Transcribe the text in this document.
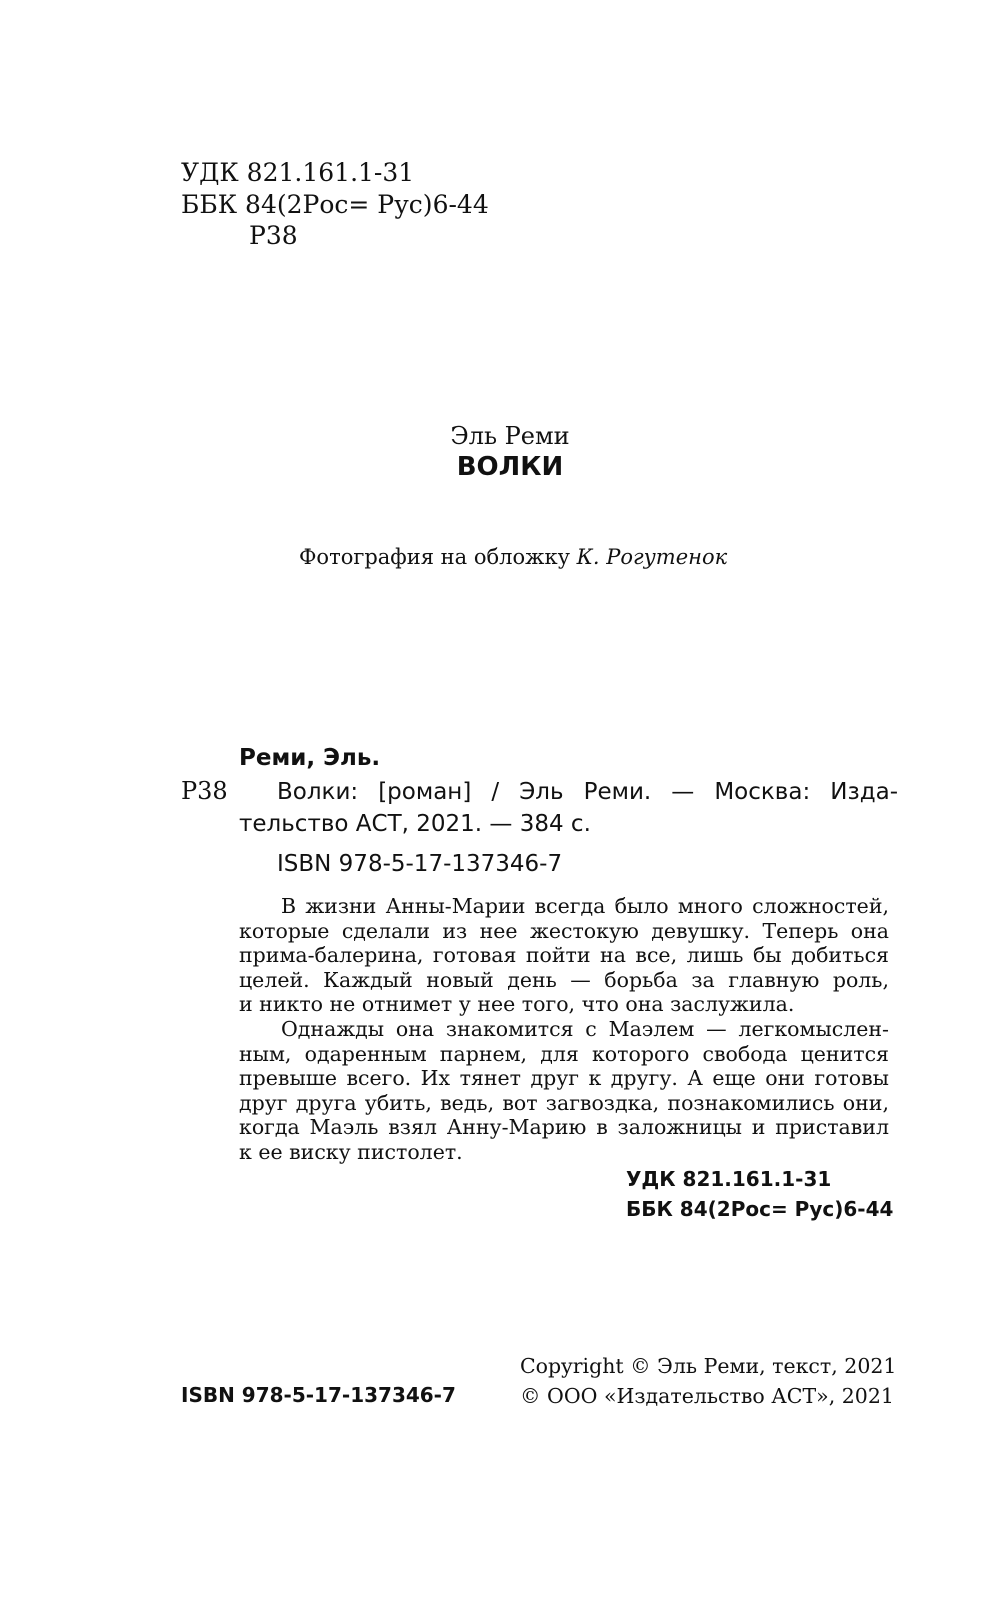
УДК 821.161.1-31
ББК 84(2Рос= Рус)6-44
Р38
Эль Реми
ВОЛКИ
Фотография на обложку К. Рогутенок
Реми, Эль.
Р38 Волки: [роман] / Эль Реми. — Москва: Изда-
тельство АСТ, 2021. — 384 с.
ISBN 978-5-17-137346-7
В жизни Анны-Марии всегда было много сложностей,
которые сделали из нее жестокую девушку. Теперь она
прима-балерина, готовая пойти на все, лишь бы добиться
целей. Каждый новый день — борьба за главную роль,
и никто не отнимет у нее того, что она заслужила.
Однажды она знакомится с Маэлем — легкомыслен-
ным, одаренным парнем, для которого свобода ценится
превыше всего. Их тянет друг к другу. А еще они готовы
друг друга убить, ведь, вот загвоздка, познакомились они,
когда Маэль взял Анну-Марию в заложницы и приставил
к ее виску пистолет.
УДК 821.161.1-31
ББК 84(2Рос= Рус)6-44
ISBN 978-5-17-137346-7
Copyright © Эль Реми, текст, 2021
© ООО «Издательство АСТ», 2021
